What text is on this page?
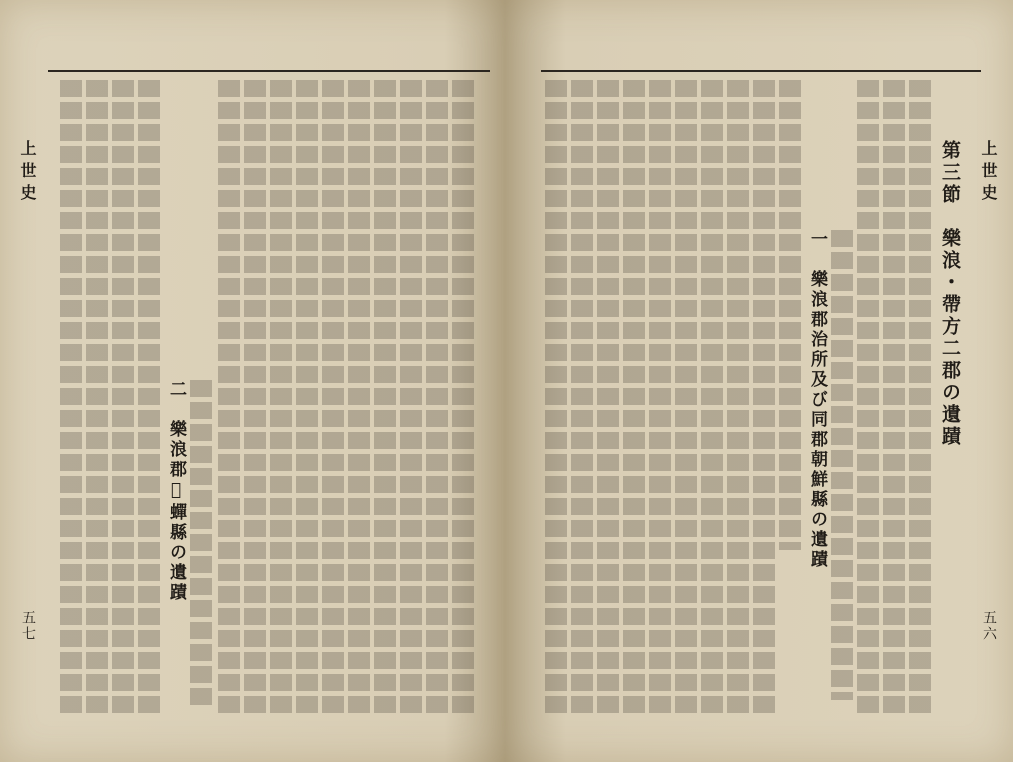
上世史
五七
二　樂浪郡𥮵蟬縣の遺蹟
上世史
五六
一　樂浪郡治所及び同郡朝鮮縣の遺蹟	第三節　樂浪・帶方二郡の遺蹟
